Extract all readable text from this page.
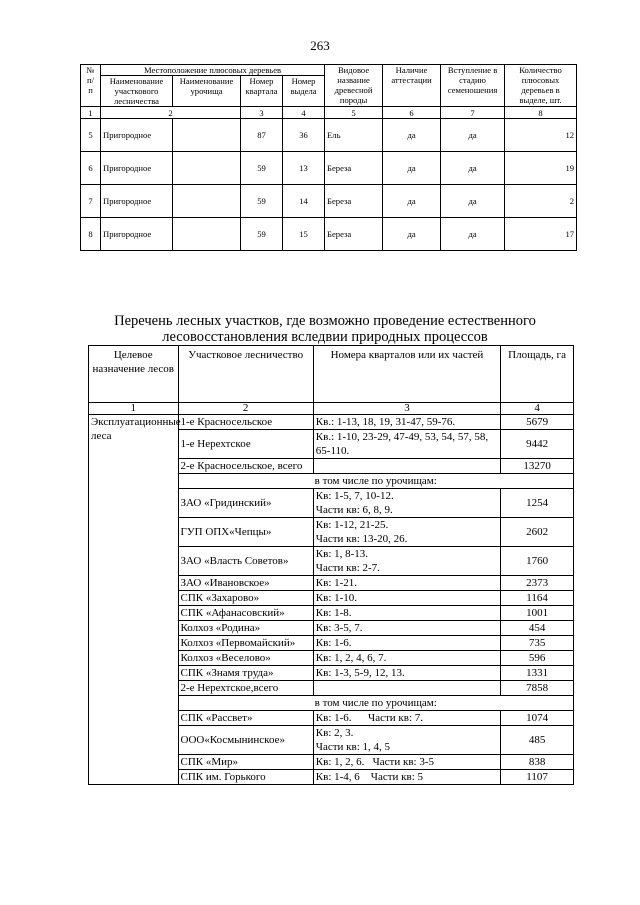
263
№
п/
п	Местоположение плюсовых деревьев				Видовое название древесной породы	Наличие аттестации	Вступление в стадию семеношения	Количество плюсовых деревьев в выделе, шт.
	Наименование участкового лесничества	Наименование урочища	Номер квартала	Номер выдела				
1	2		3	4	5	6	7	8
5	Пригородное		87	36	Ель	да	да	12
6	Пригородное		59	13	Береза	да	да	19
7	Пригородное		59	14	Береза	да	да	2
8	Пригородное		59	15	Береза	да	да	17
Перечень лесных участков, где возможно проведение естественного лесовосстановления вследвии природных процессов
Целевое назначение лесов	Участковое лесничество	Номера кварталов или их частей	Площадь, га
1	2	3	4
Эксплуатационные леса	1-е Красносельское	Кв.: 1-13, 18, 19, 31-47, 59-76.	5679
	1-е Нерехтское	Кв.: 1-10, 23-29, 47-49, 53, 54, 57, 58, 65-110.	9442
	2-е Красносельское, всего		13270
	в том числе по урочищам:		
	ЗАО «Гридинский»	Кв: 1-5, 7, 10-12.
Части кв: 6, 8, 9.	1254
	ГУП ОПХ«Чепцы»	Кв: 1-12, 21-25.
Части кв: 13-20, 26.	2602
	ЗАО «Власть Советов»	Кв: 1, 8-13.
Части кв: 2-7.	1760
	ЗАО «Ивановское»	Кв: 1-21.	2373
	СПК «Захарово»	Кв: 1-10.	1164
	СПК «Афанасовский»	Кв: 1-8.	1001
	Колхоз «Родина»	Кв: 3-5, 7.	454
	Колхоз «Первомайский»	Кв: 1-6.	735
	Колхоз «Веселово»	Кв: 1, 2, 4, 6, 7.	596
	СПК «Знамя труда»	Кв: 1-3, 5-9, 12, 13.	1331
	2-е Нерехтское,всего		7858
	в том числе по урочищам:		
	СПК «Рассвет»	Кв: 1-6.      Части кв: 7.	1074
	ООО«Космынинское»	Кв: 2, 3.
Части кв: 1, 4, 5	485
	СПК «Мир»	Кв: 1, 2, 6.   Части кв: 3-5	838
	СПК им. Горького	Кв: 1-4, 6    Части кв: 5	1107
